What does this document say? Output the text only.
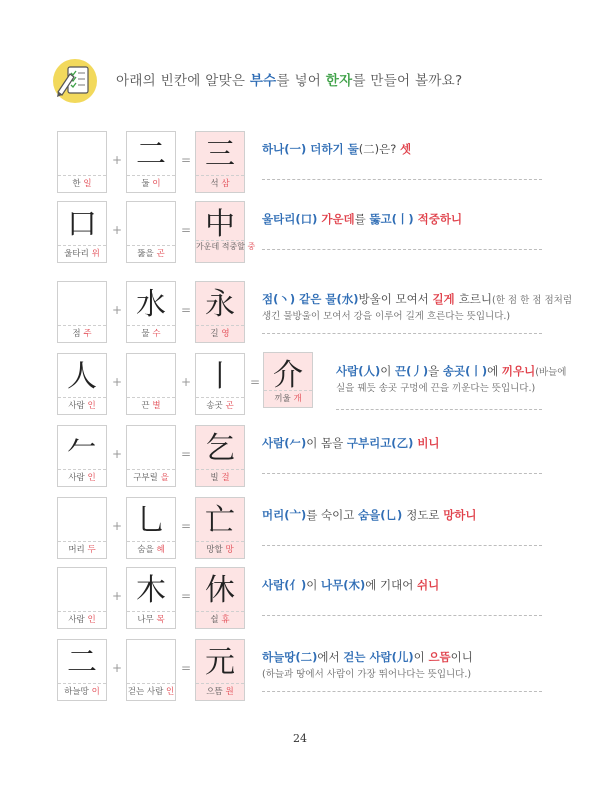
아래의 빈칸에 알맞은 부수를 넣어 한자를 만들어 볼까요?
한 일
+ 二
둘 이
= 三
석 삼
하나(一) 더하기 둘(二)은? 셋
口
울타리 위
+
뚫을 곤
= 中
가운데 적중할 중
울타리(口) 가운데를 뚫고(丨) 적중하니
점 주
+ 水
물 수
= 永
길 영
점(丶) 같은 물(水)방울이 모여서 길게 흐르니(한 점 한 점 점처럼
생긴 물방울이 모여서 강을 이루어 길게 흐른다는 뜻입니다.)
人
사람 인
+
끈 별
+ 丨
송곳 곤
= 介
끼울 개
사람(人)이 끈(丿)을 송곳(丨)에 끼우니(바늘에
실을 꿰듯 송곳 구멍에 끈을 끼운다는 뜻입니다.)
𠂉
사람 인
+
구부릴 을
= 乞
빌 걸
사람(𠂉)이 몸을 구부리고(乙) 비니
머리 두
+ 乚
숨을 혜
= 亡
망할 망
머리(亠)를 숙이고 숨을(乚) 정도로 망하니
사람 인
+ 木
나무 목
= 休
쉴 휴
사람(亻)이 나무(木)에 기대어 쉬니
二
하늘땅 이
+
걷는 사람 인
= 元
으뜸 원
하늘땅(二)에서 걷는 사람(儿)이 으뜸이니
(하늘과 땅에서 사람이 가장 뛰어나다는 뜻입니다.)
24
